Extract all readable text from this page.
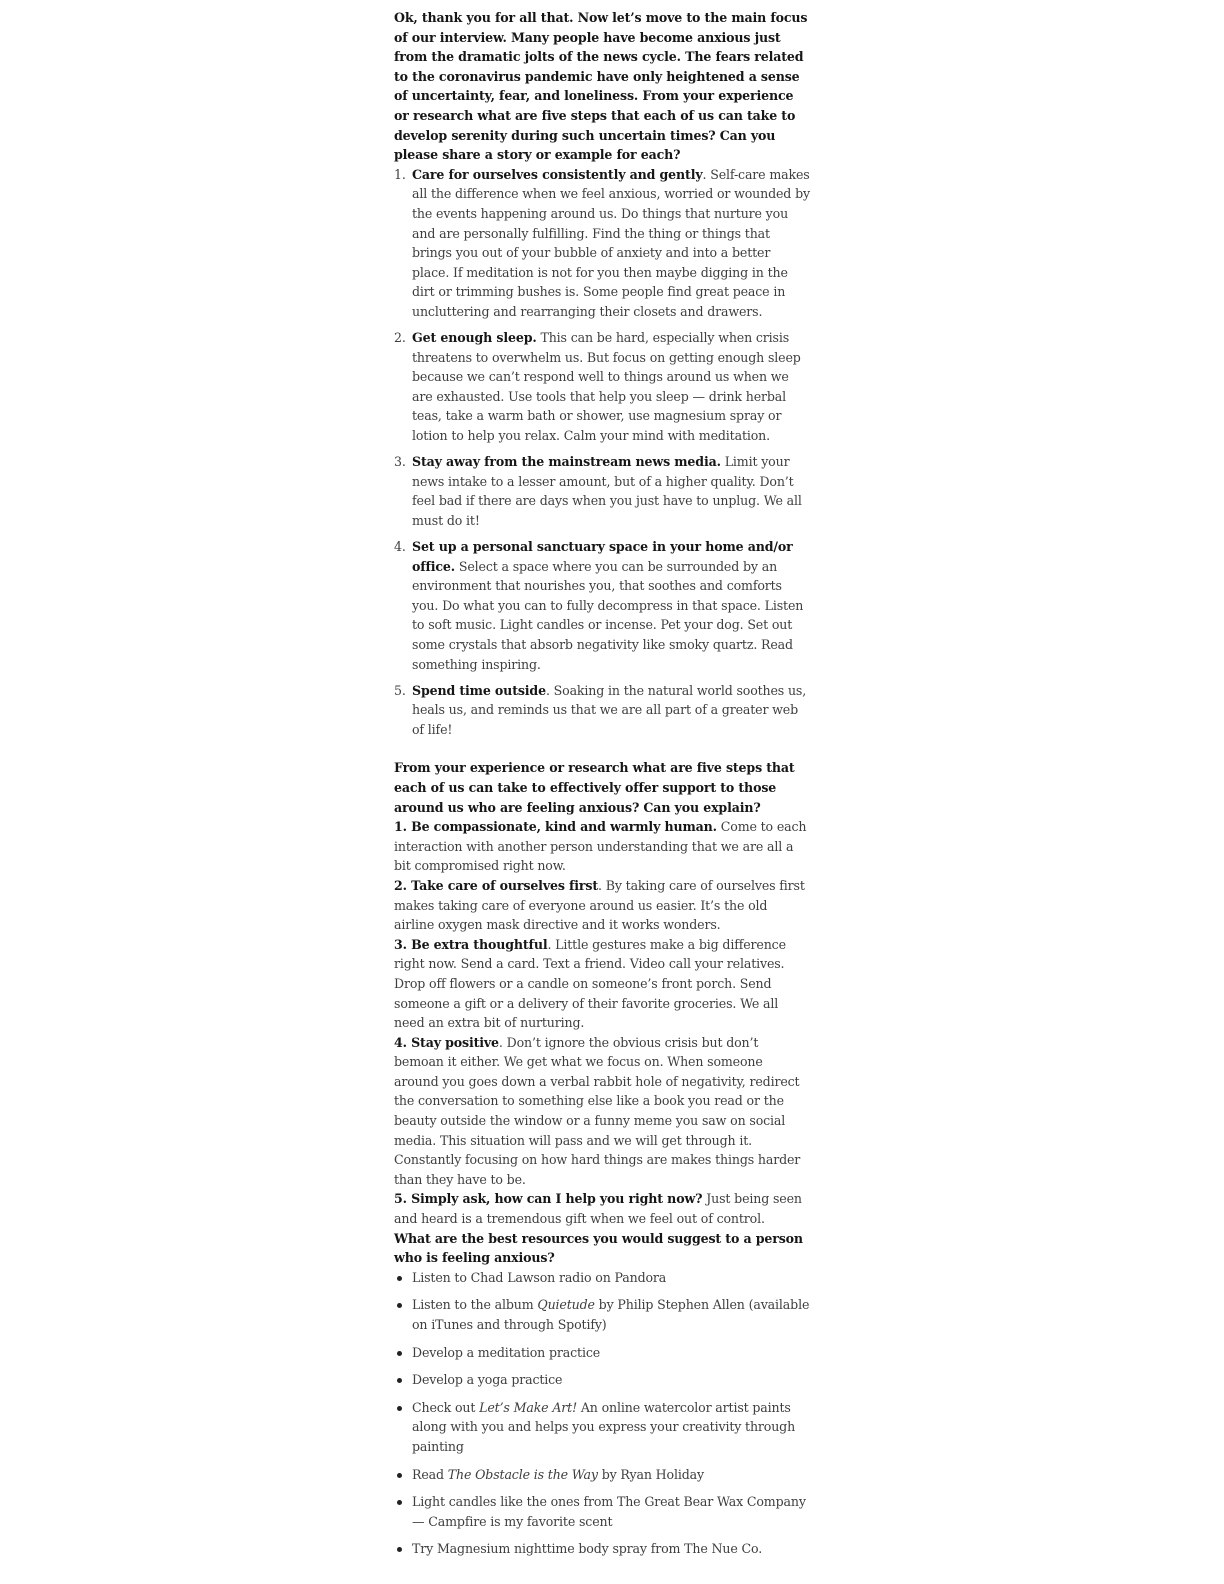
Ok, thank you for all that. Now let’s move to the main focus of our interview. Many people have become anxious just from the dramatic jolts of the news cycle. The fears related to the coronavirus pandemic have only heightened a sense of uncertainty, fear, and loneliness. From your experience or research what are five steps that each of us can take to develop serenity during such uncertain times? Can you please share a story or example for each?

1. Care for ourselves consistently and gently. Self-care makes all the difference when we feel anxious, worried or wounded by the events happening around us. Do things that nurture you and are personally fulfilling. Find the thing or things that brings you out of your bubble of anxiety and into a better place. If meditation is not for you then maybe digging in the dirt or trimming bushes is. Some people find great peace in uncluttering and rearranging their closets and drawers.
2. Get enough sleep. This can be hard, especially when crisis threatens to overwhelm us. But focus on getting enough sleep because we can’t respond well to things around us when we are exhausted. Use tools that help you sleep — drink herbal teas, take a warm bath or shower, use magnesium spray or lotion to help you relax. Calm your mind with meditation.
3. Stay away from the mainstream news media. Limit your news intake to a lesser amount, but of a higher quality. Don’t feel bad if there are days when you just have to unplug. We all must do it!
4. Set up a personal sanctuary space in your home and/or office. Select a space where you can be surrounded by an environment that nourishes you, that soothes and comforts you. Do what you can to fully decompress in that space. Listen to soft music. Light candles or incense. Pet your dog. Set out some crystals that absorb negativity like smoky quartz. Read something inspiring.
5. Spend time outside. Soaking in the natural world soothes us, heals us, and reminds us that we are all part of a greater web of life!

From your experience or research what are five steps that each of us can take to effectively offer support to those around us who are feeling anxious? Can you explain?

1. Be compassionate, kind and warmly human. Come to each interaction with another person understanding that we are all a bit compromised right now.

2. Take care of ourselves first. By taking care of ourselves first makes taking care of everyone around us easier. It’s the old airline oxygen mask directive and it works wonders.

3. Be extra thoughtful. Little gestures make a big difference right now. Send a card. Text a friend. Video call your relatives. Drop off flowers or a candle on someone’s front porch. Send someone a gift or a delivery of their favorite groceries. We all need an extra bit of nurturing.

4. Stay positive. Don’t ignore the obvious crisis but don’t bemoan it either. We get what we focus on. When someone around you goes down a verbal rabbit hole of negativity, redirect the conversation to something else like a book you read or the beauty outside the window or a funny meme you saw on social media. This situation will pass and we will get through it. Constantly focusing on how hard things are makes things harder than they have to be.

5. Simply ask, how can I help you right now? Just being seen and heard is a tremendous gift when we feel out of control.

What are the best resources you would suggest to a person who is feeling anxious?

Listen to Chad Lawson radio on Pandora
Listen to the album Quietude by Philip Stephen Allen (available on iTunes and through Spotify)
Develop a meditation practice
Develop a yoga practice
Check out Let’s Make Art! An online watercolor artist paints along with you and helps you express your creativity through painting
Read The Obstacle is the Way by Ryan Holiday
Light candles like the ones from The Great Bear Wax Company — Campfire is my favorite scent
Try Magnesium nighttime body spray from The Nue Co.
